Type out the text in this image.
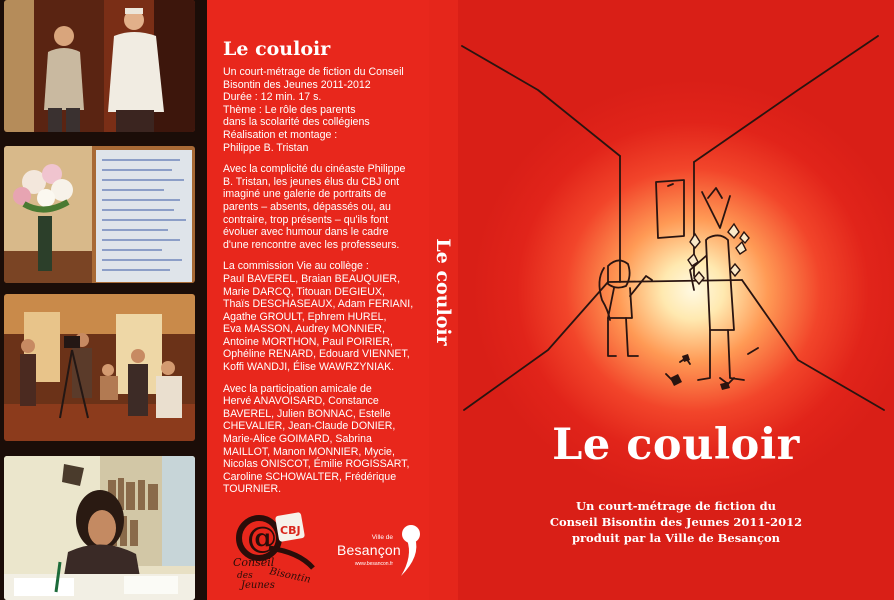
Le couloir

Un court-métrage de fiction du Conseil
Bisontin des Jeunes 2011-2012
Durée : 12 min. 17 s.
Thème : Le rôle des parents
dans la scolarité des collégiens
Réalisation et montage :
Philippe B. Tristan

Avec la complicité du cinéaste Philippe
B. Tristan, les jeunes élus du CBJ ont
imaginé une galerie de portraits de
parents – absents, dépassés ou, au
contraire, trop présents – qu'ils font
évoluer avec humour dans le cadre
d'une rencontre avec les professeurs.

La commission Vie au collège :
Paul BAVEREL, Braian BEAUQUIER,
Marie DARCQ, Titouan DEGIEUX,
Thaïs DESCHASEAUX, Adam FERIANI,
Agathe GROULT, Ephrem HUREL,
Eva MASSON, Audrey MONNIER,
Antoine MORTHON, Paul POIRIER,
Ophéline RENARD, Edouard VIENNET,
Koffi WANDJI, Élise WAWRZYNIAK.

Avec la participation amicale de
Hervé ANAVOISARD, Constance
BAVEREL, Julien BONNAC, Estelle
CHEVALIER, Jean-Claude DONIER,
Marie-Alice GOIMARD, Sabrina
MAILLOT, Manon MONNIER, Mycie,
Nicolas ONISCOT, Émilie ROGISSART,
Caroline SCHOWALTER, Frédérique
TOURNIER.

@ CBJ
Conseil
Bisontin
des
Jeunes
Ville de
Besançon
www.besancon.fr
Le couloir
Le couloir
Un court-métrage de fiction du
Conseil Bisontin des Jeunes 2011-2012
produit par la Ville de Besançon
